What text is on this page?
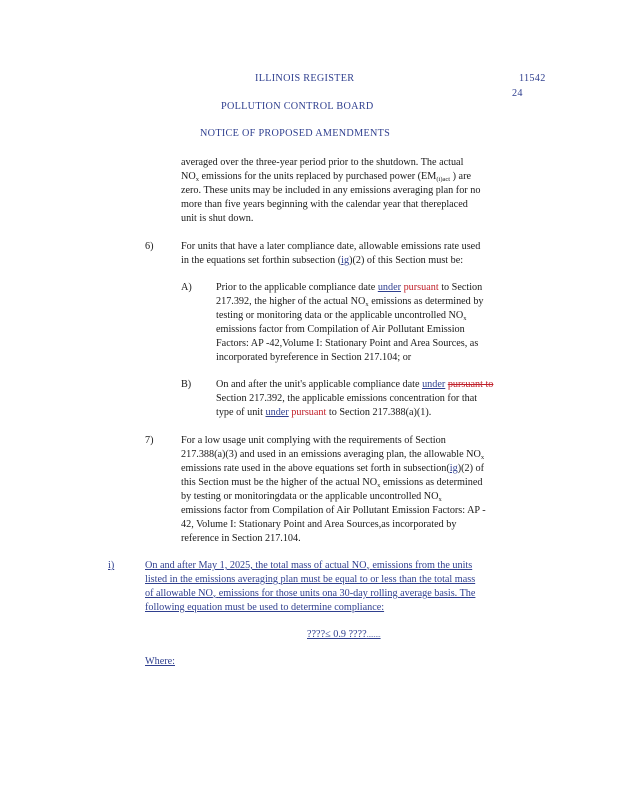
ILLINOIS REGISTER	11542
24
POLLUTION CONTROL BOARD
NOTICE OF PROPOSED AMENDMENTS
averaged over the three-year period prior to the shutdown. The actual
$NO_x$ emissions for the units replaced by purchased power ($EM_{(i)act}$ ) are
zero. These units may be included in any emissions averaging plan for no
more than five years beginning with the calendar year that thereplaced
unit is shut down.
6)	For units that have a later compliance date, allowable emissions rate used
in the equations set forthin subsection (ig)(2) of this Section must be:
A) Prior to the applicable compliance date under pursuant to Section
217.392, the higher of the actual $NO_x$ emissions as determined by
testing or monitoring data or the applicable uncontrolled $NO_x$
emissions factor from Compilation of Air Pollutant Emission
Factors: AP -42,Volume I: Stationary Point and Area Sources, as
incorporated byreference in Section 217.104; or
B) On and after the unit's applicable compliance date under pursuant to
Section 217.392, the applicable emissions concentration for that
type of unit under pursuant to Section 217.388(a)(1).
7)	For a low usage unit complying with the requirements of Section
217.388(a)(3) and used in an emissions averaging plan, the allowable $NO_x$
emissions rate used in the above equations set forth in subsection(ig)(2) of
this Section must be the higher of the actual $NO_x$ emissions as determined
by testing or monitoringdata or the applicable uncontrolled $NO_x$
emissions factor from Compilation of Air Pollutant Emission Factors: AP -
42, Volume I: Stationary Point and Area Sources,as incorporated by
reference in Section 217.104.
i)	On and after May 1, 2025, the total mass of actual $NO_x$ emissions from the units
listed in the emissions averaging plan must be equal to or less than the total mass
of allowable $NO_x$ emissions for those units ona 30-day rolling average basis. The
following equation must be used to determine compliance:
????≤ 0.9 ????........
Where:
